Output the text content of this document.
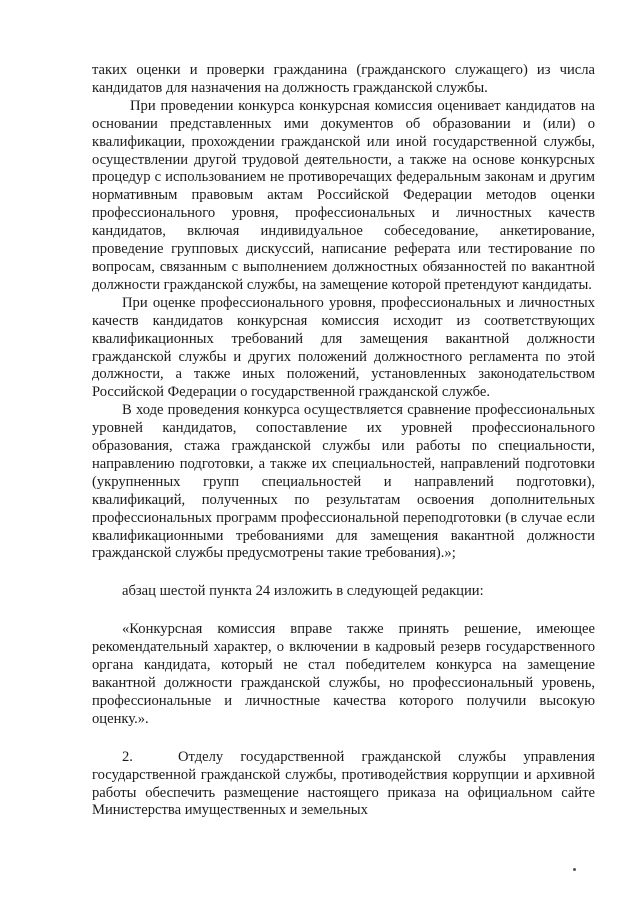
таких оценки и проверки гражданина (гражданского служащего) из числа кандидатов для назначения на должность гражданской службы.

При проведении конкурса конкурсная комиссия оценивает кандидатов на основании представленных ими документов об образовании и (или) о квалификации, прохождении гражданской или иной государственной службы, осуществлении другой трудовой деятельности, а также на основе конкурсных процедур с использованием не противоречащих федеральным законам и другим нормативным правовым актам Российской Федерации методов оценки профессионального уровня, профессиональных и личностных качеств кандидатов, включая индивидуальное собеседование, анкетирование, проведение групповых дискуссий, написание реферата или тестирование по вопросам, связанным с выполнением должностных обязанностей по вакантной должности гражданской службы, на замещение которой претендуют кандидаты.

При оценке профессионального уровня, профессиональных и личностных качеств кандидатов конкурсная комиссия исходит из соответствующих квалификационных требований для замещения вакантной должности гражданской службы и других положений должностного регламента по этой должности, а также иных положений, установленных законодательством Российской Федерации о государственной гражданской службе.

В ходе проведения конкурса осуществляется сравнение профессиональных уровней кандидатов, сопоставление их уровней профессионального образования, стажа гражданской службы или работы по специальности, направлению подготовки, а также их специальностей, направлений подготовки (укрупненных групп специальностей и направлений подготовки), квалификаций, полученных по результатам освоения дополнительных профессиональных программ профессиональной переподготовки (в случае если квалификационными требованиями для замещения вакантной должности гражданской службы предусмотрены такие требования).»;

абзац шестой пункта 24 изложить в следующей редакции:

«Конкурсная комиссия вправе также принять решение, имеющее рекомендательный характер, о включении в кадровый резерв государственного органа кандидата, который не стал победителем конкурса на замещение вакантной должности гражданской службы, но профессиональный уровень, профессиональные и личностные качества которого получили высокую оценку.».

2.	Отделу государственной гражданской службы управления государственной гражданской службы, противодействия коррупции и архивной работы обеспечить размещение настоящего приказа на официальном сайте Министерства имущественных и земельных
